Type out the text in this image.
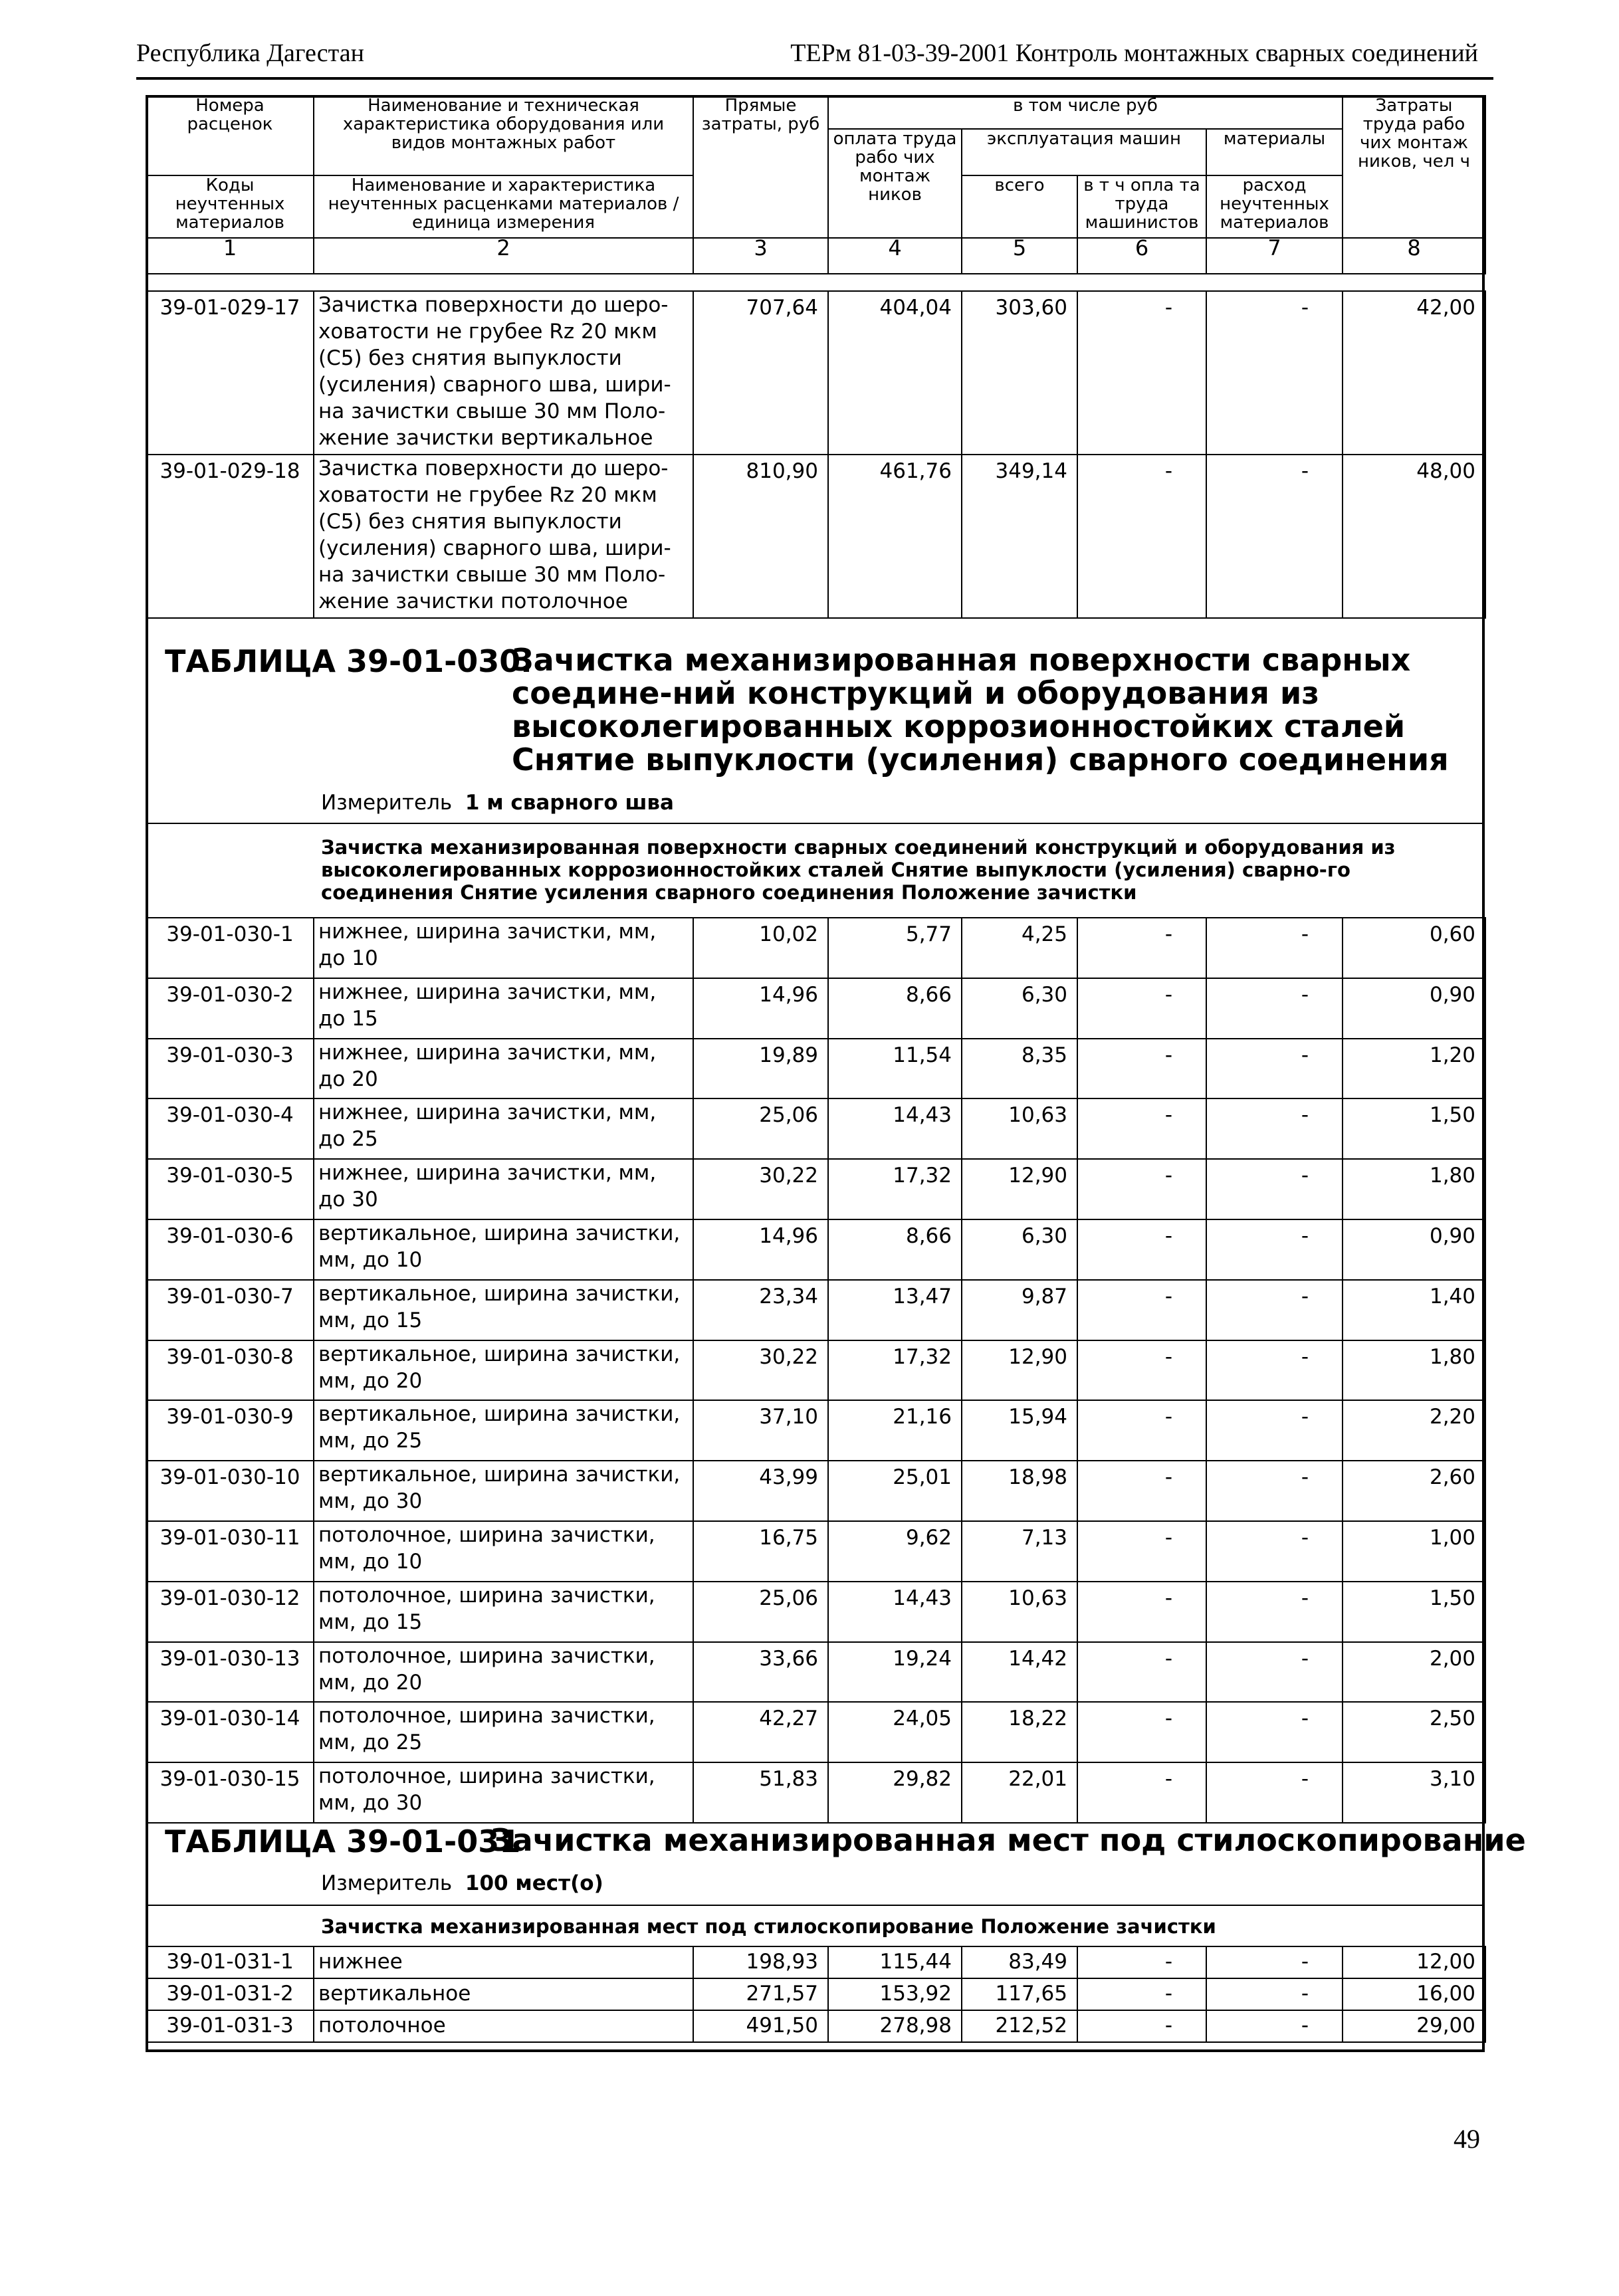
Республика Дагестан	ТЕРм 81-03-39-2001 Контроль монтажных сварных соединений
Номера расценок	Наименование и техническая характеристика оборудования или видов монтажных работ	Прямые затраты, руб	в том числе руб				Затраты труда рабо чих монтаж ников, чел ч
			оплата труда рабо чих монтаж ников	эксплуатация машин		материалы	
Коды неучтенных материалов	Наименование и характеристика неучтенных расценками материалов / единица измерения			всего	в т ч опла та труда машинистов	расход неучтенных материалов	

1	2	3	4	5	6	7	8
39-01-029-17	Зачистка поверхности до шеро-ховатости не грубее Rz 20 мкм (С5) без снятия выпуклости (усиления) сварного шва, шири-на зачистки свыше 30 мм Поло-жение зачистки вертикальное	707,64	404,04	303,60	-	-	42,00
39-01-029-18	Зачистка поверхности до шеро-ховатости не грубее Rz 20 мкм (С5) без снятия выпуклости (усиления) сварного шва, шири-на зачистки свыше 30 мм Поло-жение зачистки потолочное	810,90	461,76	349,14	-	-	48,00
ТАБЛИЦА 39-01-030.
Зачистка механизированная поверхности сварных соедине-ний конструкций и оборудования из высоколегированных коррозионностойких сталей Снятие выпуклости (усиления) сварного соединения
Измеритель 1 м сварного шва
Зачистка механизированная поверхности сварных соединений конструкций и оборудования из высоколегированных коррозионностойких сталей Снятие выпуклости (усиления) сварно-го соединения Снятие усиления сварного соединения Положение зачистки
39-01-030-1	нижнее, ширина зачистки, мм, до 10	10,02	5,77	4,25	-	-	0,60
39-01-030-2	нижнее, ширина зачистки, мм, до 15	14,96	8,66	6,30	-	-	0,90
39-01-030-3	нижнее, ширина зачистки, мм, до 20	19,89	11,54	8,35	-	-	1,20
39-01-030-4	нижнее, ширина зачистки, мм, до 25	25,06	14,43	10,63	-	-	1,50
39-01-030-5	нижнее, ширина зачистки, мм, до 30	30,22	17,32	12,90	-	-	1,80
39-01-030-6	вертикальное, ширина зачистки, мм, до 10	14,96	8,66	6,30	-	-	0,90
39-01-030-7	вертикальное, ширина зачистки, мм, до 15	23,34	13,47	9,87	-	-	1,40
39-01-030-8	вертикальное, ширина зачистки, мм, до 20	30,22	17,32	12,90	-	-	1,80
39-01-030-9	вертикальное, ширина зачистки, мм, до 25	37,10	21,16	15,94	-	-	2,20
39-01-030-10	вертикальное, ширина зачистки, мм, до 30	43,99	25,01	18,98	-	-	2,60
39-01-030-11	потолочное, ширина зачистки, мм, до 10	16,75	9,62	7,13	-	-	1,00
39-01-030-12	потолочное, ширина зачистки, мм, до 15	25,06	14,43	10,63	-	-	1,50
39-01-030-13	потолочное, ширина зачистки, мм, до 20	33,66	19,24	14,42	-	-	2,00
39-01-030-14	потолочное, ширина зачистки, мм, до 25	42,27	24,05	18,22	-	-	2,50
39-01-030-15	потолочное, ширина зачистки, мм, до 30	51,83	29,82	22,01	-	-	3,10
ТАБЛИЦА 39-01-031
Зачистка механизированная мест под стилоскопирование
Измеритель 100 мест(о)
Зачистка механизированная мест под стилоскопирование Положение зачистки
39-01-031-1	нижнее	198,93	115,44	83,49	-	-	12,00
39-01-031-2	вертикальное	271,57	153,92	117,65	-	-	16,00
39-01-031-3	потолочное	491,50	278,98	212,52	-	-	29,00
49
